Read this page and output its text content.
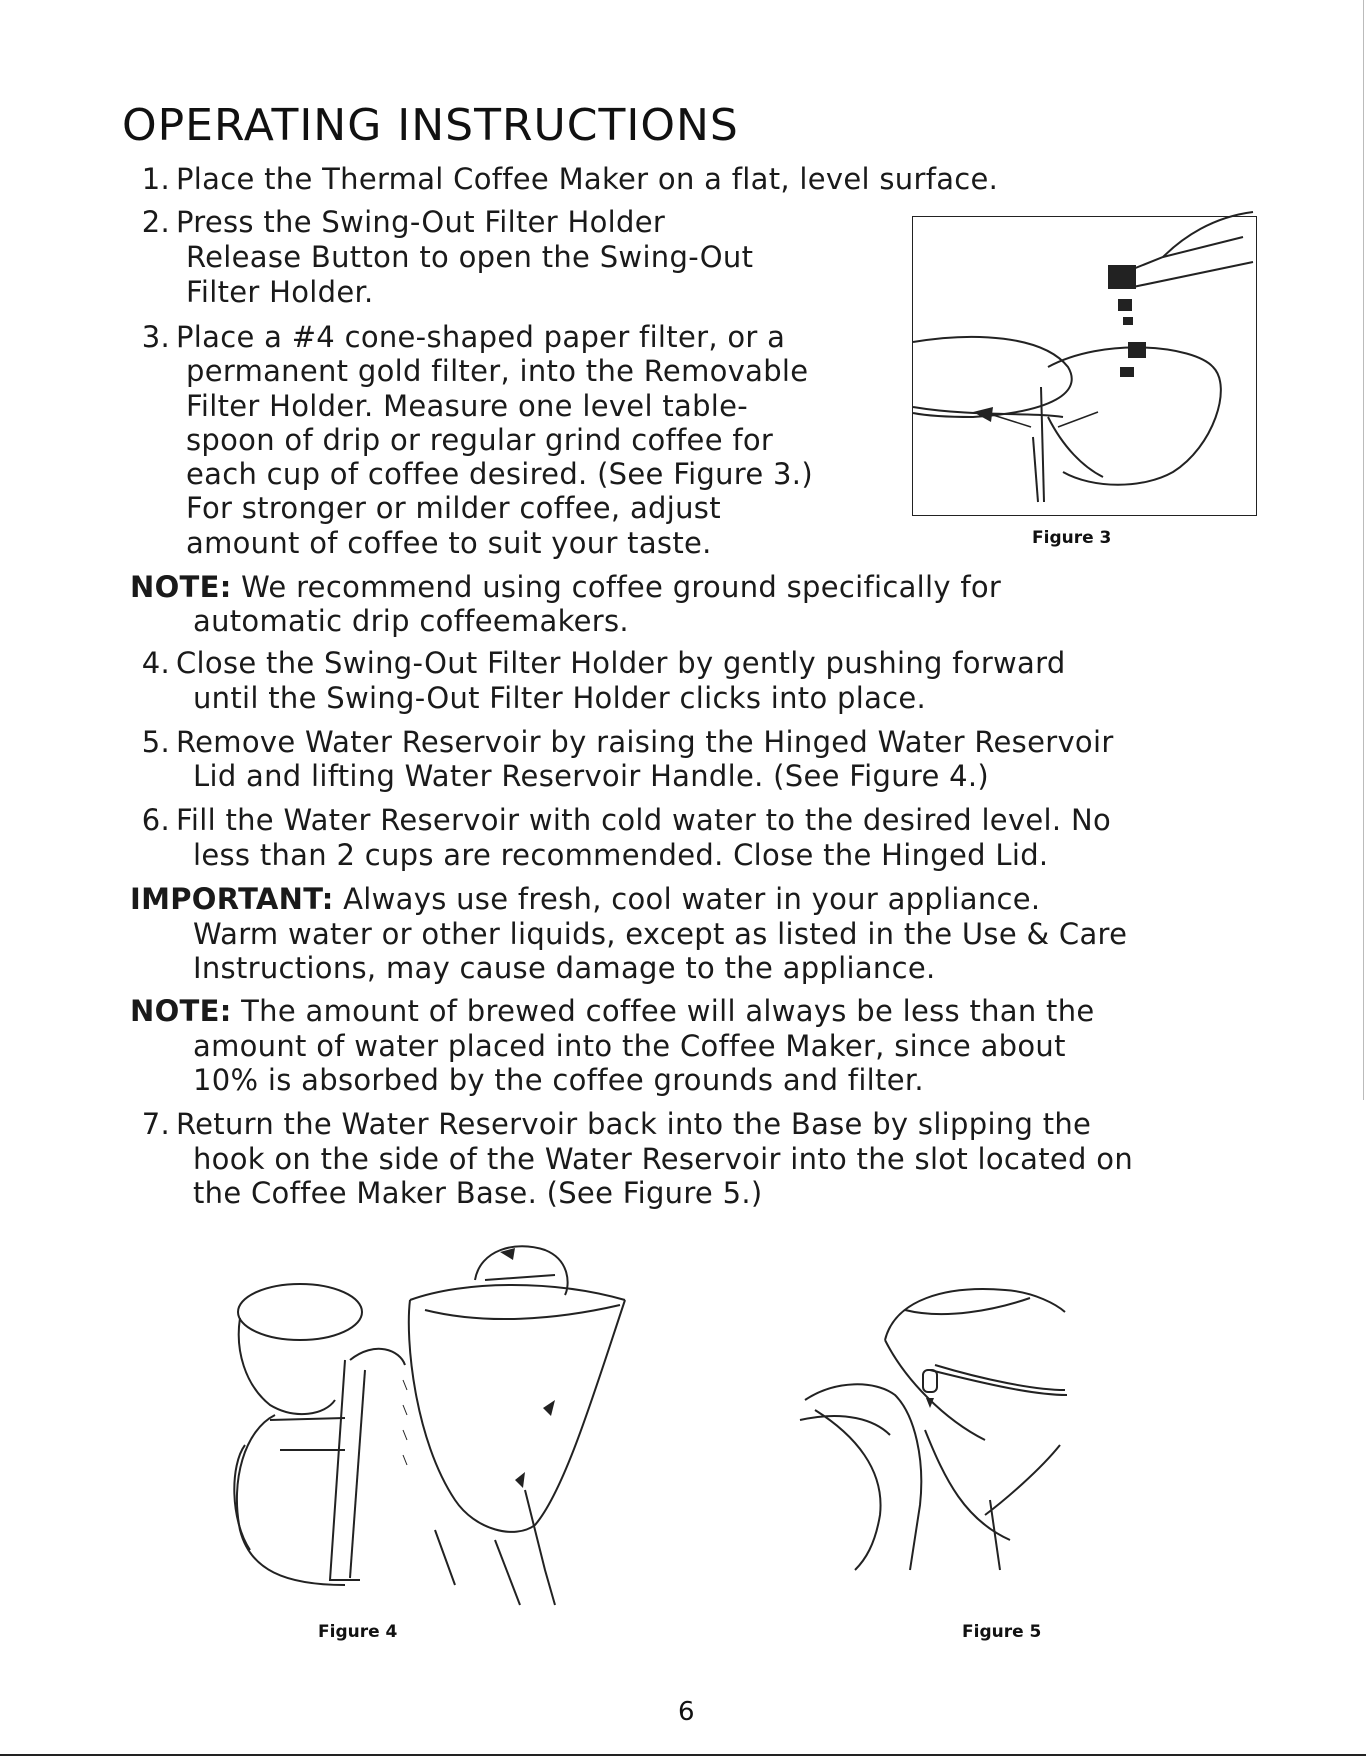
OPERATING INSTRUCTIONS
1. Place the Thermal Coffee Maker on a flat, level surface.
2. Press the Swing-Out Filter Holder
Release Button to open the Swing-Out
Filter Holder.
3. Place a #4 cone-shaped paper filter, or a
permanent gold filter, into the Removable
Filter Holder. Measure one level table-
spoon of drip or regular grind coffee for
each cup of coffee desired. (See Figure 3.)
For stronger or milder coffee, adjust
amount of coffee to suit your taste.	Figure 3
NOTE: We recommend using coffee ground specifically for
automatic drip coffeemakers.
4. Close the Swing-Out Filter Holder by gently pushing forward
until the Swing-Out Filter Holder clicks into place.
5. Remove Water Reservoir by raising the Hinged Water Reservoir
Lid and lifting Water Reservoir Handle. (See Figure 4.)
6. Fill the Water Reservoir with cold water to the desired level. No
less than 2 cups are recommended. Close the Hinged Lid.
IMPORTANT: Always use fresh, cool water in your appliance.
Warm water or other liquids, except as listed in the Use & Care
Instructions, may cause damage to the appliance.
NOTE: The amount of brewed coffee will always be less than the
amount of water placed into the Coffee Maker, since about
10% is absorbed by the coffee grounds and filter.
7. Return the Water Reservoir back into the Base by slipping the
hook on the side of the Water Reservoir into the slot located on
the Coffee Maker Base. (See Figure 5.)
Figure 4	Figure 5
6
